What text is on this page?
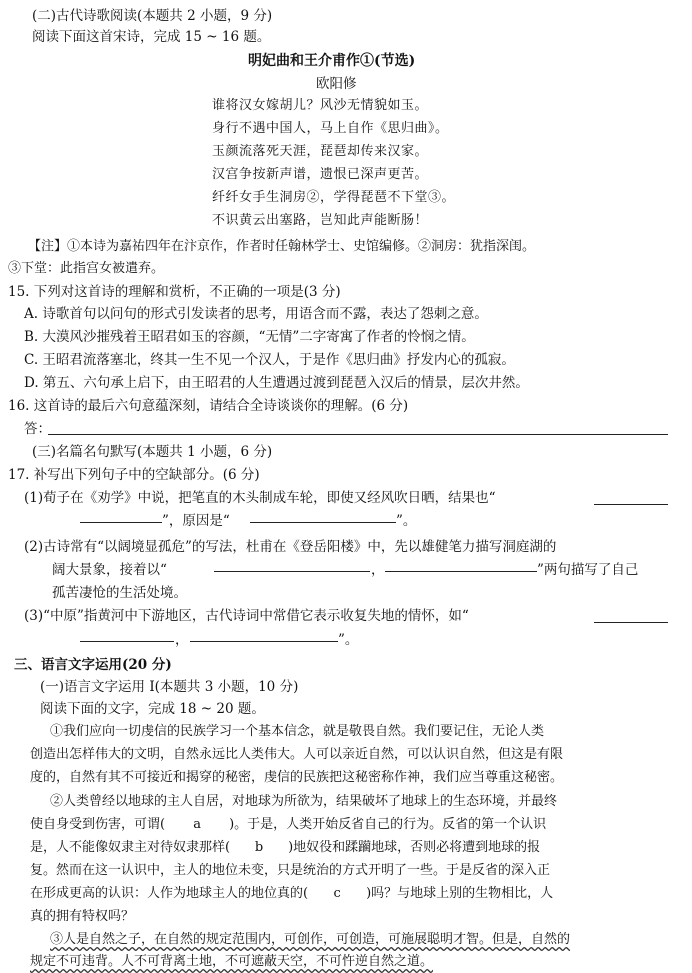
(二)古代诗歌阅读(本题共 2 小题，9 分)
阅读下面这首宋诗，完成 15 ~ 16 题。
明妃曲和王介甫作①(节选)
欧阳修
谁将汉女嫁胡儿？风沙无情貌如玉。
身行不遇中国人，马上自作《思归曲》。
玉颜流落死天涯，琵琶却传来汉家。
汉宫争按新声谱，遗恨已深声更苦。
纤纤女手生洞房②，学得琵琶不下堂③。
不识黄云出塞路，岂知此声能断肠！
【注】①本诗为嘉祐四年在汴京作，作者时任翰林学士、史馆编修。②洞房：犹指深闺。
③下堂：此指宫女被遣弃。
15. 下列对这首诗的理解和赏析，不正确的一项是(3 分)
A. 诗歌首句以问句的形式引发读者的思考，用语含而不露，表达了怨刺之意。
B. 大漠风沙摧残着王昭君如玉的容颜，“无情”二字寄寓了作者的怜悯之情。
C. 王昭君流落塞北，终其一生不见一个汉人，于是作《思归曲》抒发内心的孤寂。
D. 第五、六句承上启下，由王昭君的人生遭遇过渡到琵琶入汉后的情景，层次井然。
16. 这首诗的最后六句意蕴深刻，请结合全诗谈谈你的理解。(6 分)
答：
(三)名篇名句默写(本题共 1 小题，6 分)
17. 补写出下列句子中的空缺部分。(6 分)
(1)荀子在《劝学》中说，把笔直的木头制成车轮，即使又经风吹日晒，结果也“
”，原因是“	”。
(2)古诗常有“以阔境显孤危”的写法，杜甫在《登岳阳楼》中，先以雄健笔力描写洞庭湖的
阔大景象，接着以“	，	”两句描写了自己
孤苦凄怆的生活处境。
(3)“中原”指黄河中下游地区，古代诗词中常借它表示收复失地的情怀，如“
，	”。
三、语言文字运用(20 分)
(一)语言文字运用 Ⅰ(本题共 3 小题，10 分)
阅读下面的文字，完成 18 ~ 20 题。
①我们应向一切虔信的民族学习一个基本信念，就是敬畏自然。我们要记住，无论人类
创造出怎样伟大的文明，自然永远比人类伟大。人可以亲近自然，可以认识自然，但这是有限
度的，自然有其不可接近和揭穿的秘密，虔信的民族把这秘密称作神，我们应当尊重这秘密。
②人类曾经以地球的主人自居，对地球为所欲为，结果破坏了地球上的生态环境，并最终
使自身受到伤害，可谓( a )。于是，人类开始反省自己的行为。反省的第一个认识
是，人不能像奴隶主对待奴隶那样( b )地奴役和蹂躏地球，否则必将遭到地球的报
复。然而在这一认识中，主人的地位未变，只是统治的方式开明了一些。于是反省的深入正
在形成更高的认识：人作为地球主人的地位真的( c )吗？与地球上别的生物相比，人
真的拥有特权吗？
③人是自然之子，在自然的规定范围内，可创作，可创造，可施展聪明才智。但是，自然的
规定不可违背。人不可背离土地，不可遮蔽天空，不可忤逆自然之道。
